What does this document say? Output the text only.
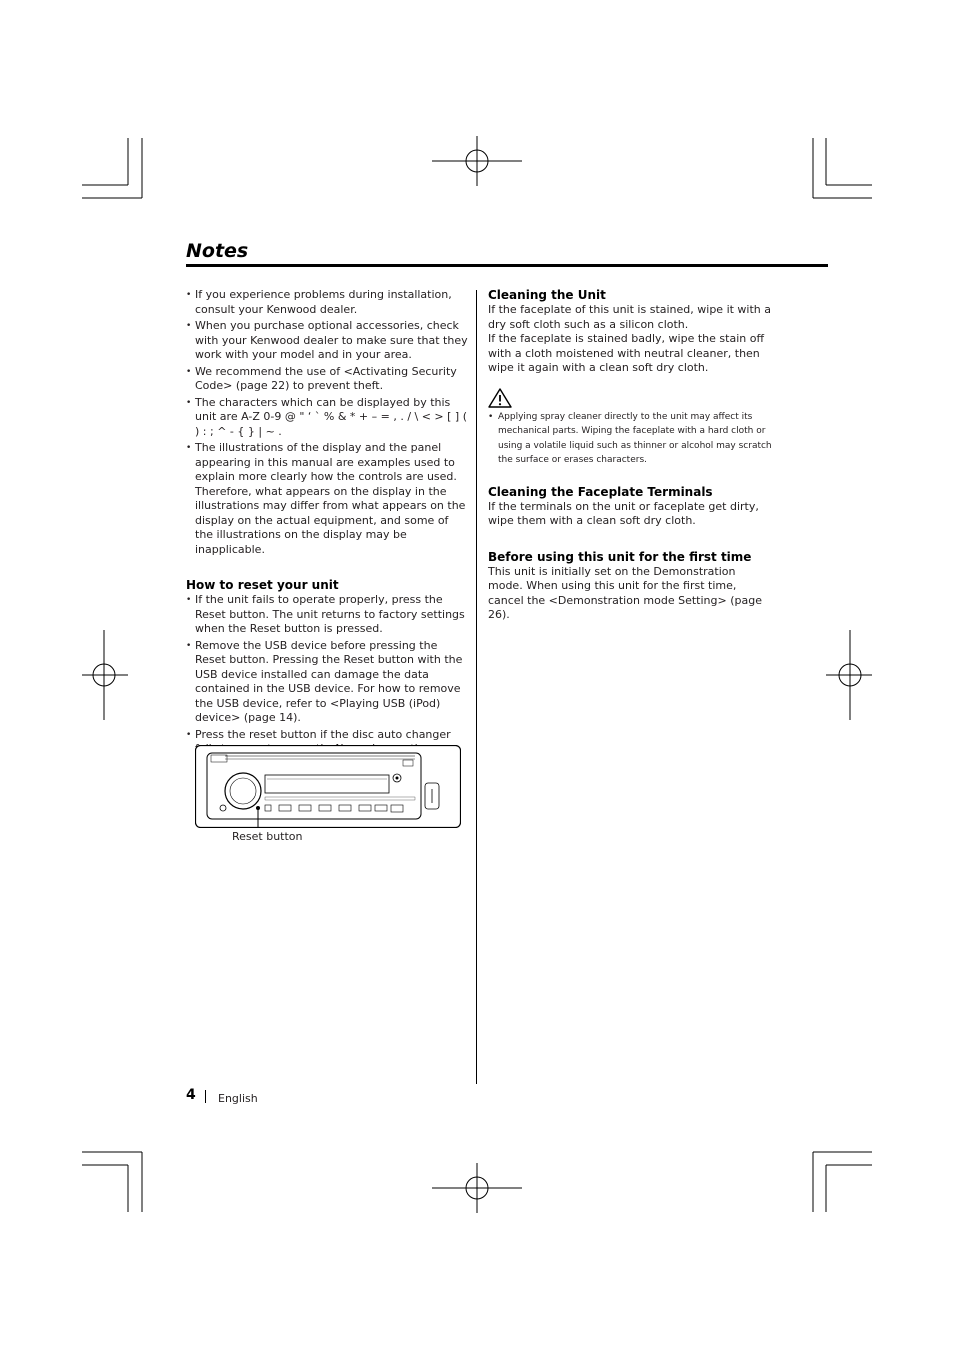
Notes
• If you experience problems during installation, consult your Kenwood dealer.
• When you purchase optional accessories, check with your Kenwood dealer to make sure that they work with your model and in your area.
• We recommend the use of <Activating Security Code> (page 22) to prevent theft.
• The characters which can be displayed by this unit are A-Z 0-9 @ " ‘ ` % & * + – = , . / \ < > [ ] ( ) : ; ^ - { } | ~ .
• The illustrations of the display and the panel appearing in this manual are examples used to explain more clearly how the controls are used. Therefore, what appears on the display in the illustrations may differ from what appears on the display on the actual equipment, and some of the illustrations on the display may be inapplicable.
How to reset your unit
• If the unit fails to operate properly, press the Reset button. The unit returns to factory settings when the Reset button is pressed.
• Remove the USB device before pressing the Reset button. Pressing the Reset button with the USB device installed can damage the data contained in the USB device. For how to remove the USB device, refer to <Playing USB (iPod) device> (page 14).
• Press the reset button if the disc auto changer
Reset button
Cleaning the Unit

If the faceplate of this unit is stained, wipe it with a dry soft cloth such as a silicon cloth.

If the faceplate is stained badly, wipe the stain off with a cloth moistened with neutral cleaner, then wipe it again with a clean soft dry cloth.

• Applying spray cleaner directly to the unit may affect its mechanical parts. Wiping the faceplate with a hard cloth or using a volatile liquid such as thinner or alcohol may scratch the surface or erases characters.
Cleaning the Faceplate Terminals

If the terminals on the unit or faceplate get dirty, wipe them with a clean soft dry cloth.

Before using this unit for the first time

This unit is initially set on the Demonstration mode. When using this unit for the first time, cancel the <Demonstration mode Setting> (page 26).

4 English
